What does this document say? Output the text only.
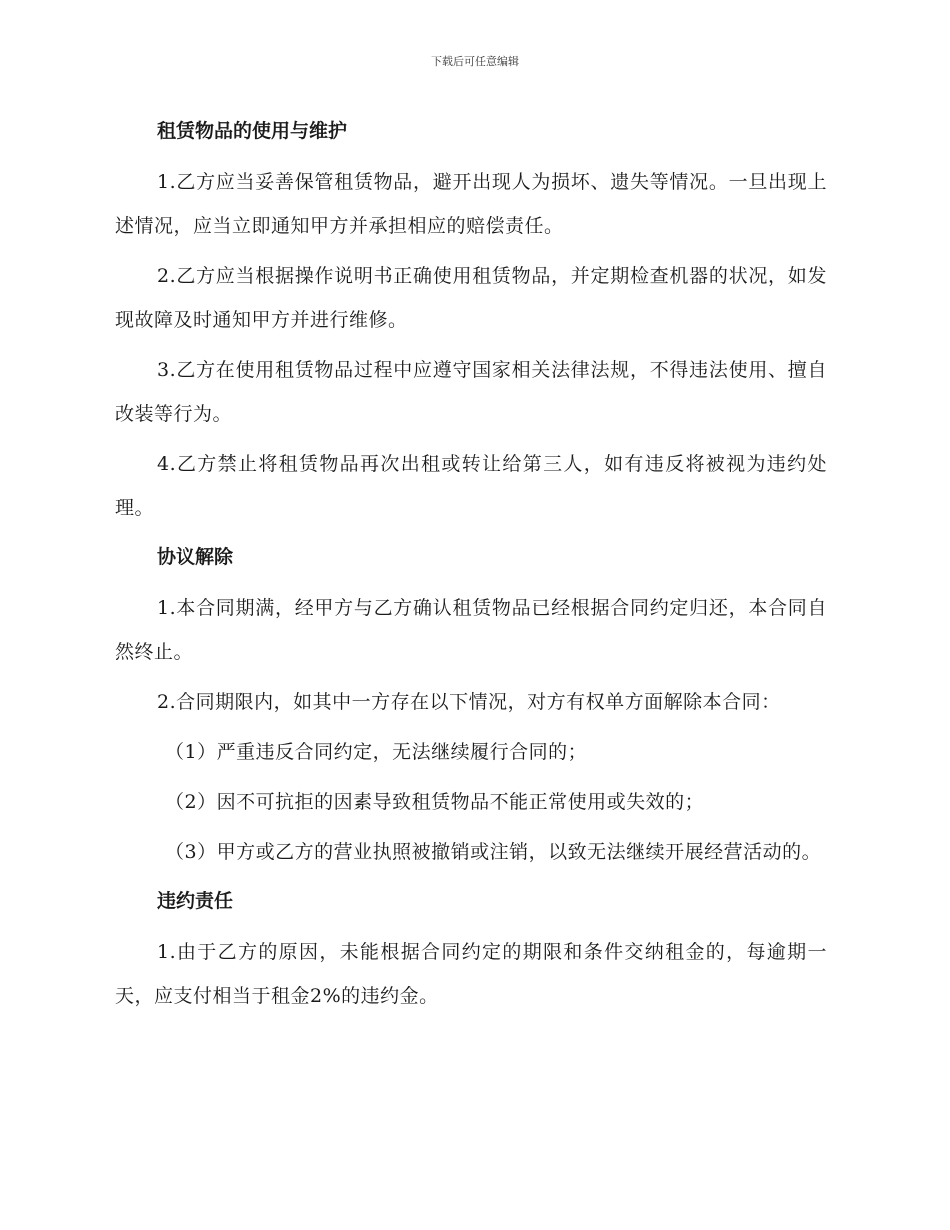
下载后可任意编辑
租赁物品的使用与维护

1.乙方应当妥善保管租赁物品，避开出现人为损坏、遗失等情况。一旦出现上述情况，应当立即通知甲方并承担相应的赔偿责任。

2.乙方应当根据操作说明书正确使用租赁物品，并定期检查机器的状况，如发现故障及时通知甲方并进行维修。

3.乙方在使用租赁物品过程中应遵守国家相关法律法规，不得违法使用、擅自改装等行为。

4.乙方禁止将租赁物品再次出租或转让给第三人，如有违反将被视为违约处理。

协议解除

1.本合同期满，经甲方与乙方确认租赁物品已经根据合同约定归还，本合同自然终止。

2.合同期限内，如其中一方存在以下情况，对方有权单方面解除本合同：

（1）严重违反合同约定，无法继续履行合同的；

（2）因不可抗拒的因素导致租赁物品不能正常使用或失效的；

（3）甲方或乙方的营业执照被撤销或注销，以致无法继续开展经营活动的。

违约责任

1.由于乙方的原因，未能根据合同约定的期限和条件交纳租金的，每逾期一天，应支付相当于租金2%的违约金。
